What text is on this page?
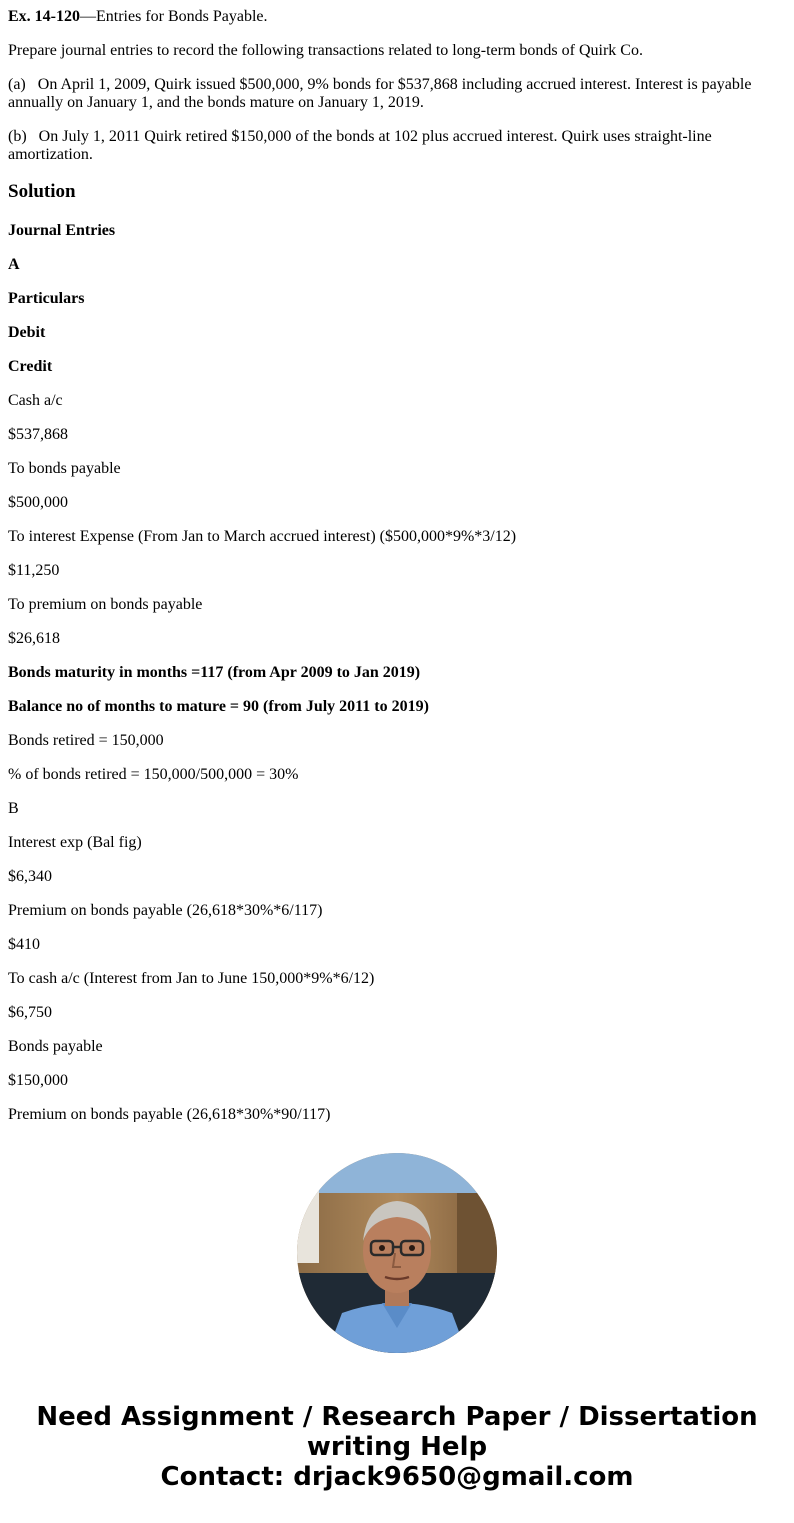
Ex. 14-120—Entries for Bonds Payable.
Prepare journal entries to record the following transactions related to long-term bonds of Quirk Co.
(a) On April 1, 2009, Quirk issued $500,000, 9% bonds for $537,868 including accrued interest. Interest is payable
annually on January 1, and the bonds mature on January 1, 2019.
(b) On July 1, 2011 Quirk retired $150,000 of the bonds at 102 plus accrued interest. Quirk uses straight-line
amortization.
Solution
Journal Entries
A
Particulars
Debit
Credit
Cash a/c
$537,868
To bonds payable
$500,000
To interest Expense (From Jan to March accrued interest) ($500,000*9%*3/12)
$11,250
To premium on bonds payable
$26,618
Bonds maturity in months =117 (from Apr 2009 to Jan 2019)
Balance no of months to mature = 90 (from July 2011 to 2019)
Bonds retired = 150,000
% of bonds retired = 150,000/500,000 = 30%
B
Interest exp (Bal fig)
$6,340
Premium on bonds payable (26,618*30%*6/117)
$410
To cash a/c (Interest from Jan to June 150,000*9%*6/12)
$6,750
Bonds payable
$150,000
Premium on bonds payable (26,618*30%*90/117)
Need Assignment / Research Paper / Dissertation
writing Help
Contact: drjack9650@gmail.com
